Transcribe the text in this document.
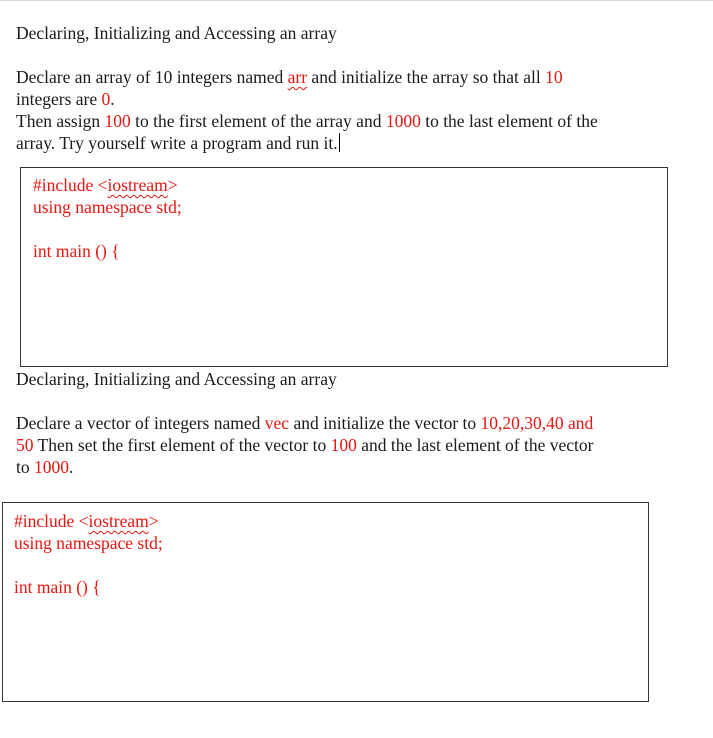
Declaring, Initializing and Accessing an array
Declare an array of 10 integers named arr and initialize the array so that all 10
integers are 0.
Then assign 100 to the first element of the array and 1000 to the last element of the
array. Try yourself write a program and run it.
#include <iostream>
using namespace std;
int main () {
Declaring, Initializing and Accessing an array
Declare a vector of integers named vec and initialize the vector to 10,20,30,40 and
50 Then set the first element of the vector to 100 and the last element of the vector
to 1000.
#include <iostream>
using namespace std;
int main () {
